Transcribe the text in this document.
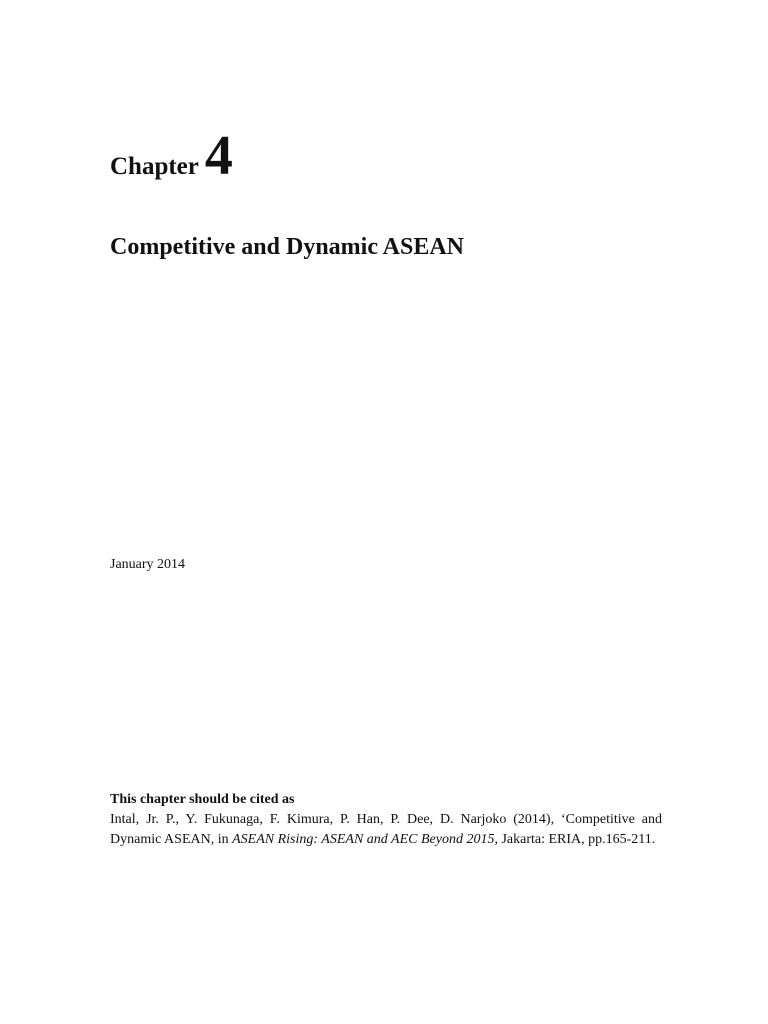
Chapter 4
Competitive and Dynamic ASEAN

January 2014

This chapter should be cited as
Intal, Jr. P., Y. Fukunaga, F. Kimura, P. Han, P. Dee, D. Narjoko (2014), ‘Competitive and Dynamic ASEAN, in ASEAN Rising: ASEAN and AEC Beyond 2015, Jakarta: ERIA, pp.165-211.
